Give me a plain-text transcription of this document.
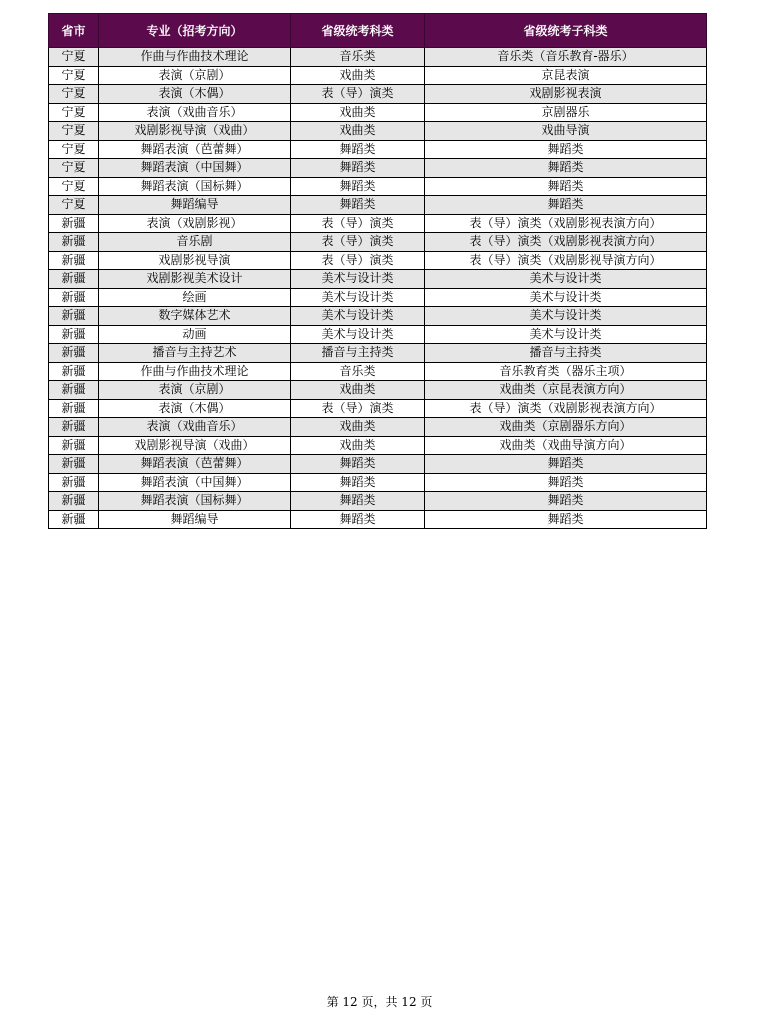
省市	专业（招考方向）	省级统考科类	省级统考子科类
宁夏	作曲与作曲技术理论	音乐类	音乐类（音乐教育-器乐）
宁夏	表演（京剧）	戏曲类	京昆表演
宁夏	表演（木偶）	表（导）演类	戏剧影视表演
宁夏	表演（戏曲音乐）	戏曲类	京剧器乐
宁夏	戏剧影视导演（戏曲）	戏曲类	戏曲导演
宁夏	舞蹈表演（芭蕾舞）	舞蹈类	舞蹈类
宁夏	舞蹈表演（中国舞）	舞蹈类	舞蹈类
宁夏	舞蹈表演（国标舞）	舞蹈类	舞蹈类
宁夏	舞蹈编导	舞蹈类	舞蹈类
新疆	表演（戏剧影视）	表（导）演类	表（导）演类（戏剧影视表演方向）
新疆	音乐剧	表（导）演类	表（导）演类（戏剧影视表演方向）
新疆	戏剧影视导演	表（导）演类	表（导）演类（戏剧影视导演方向）
新疆	戏剧影视美术设计	美术与设计类	美术与设计类
新疆	绘画	美术与设计类	美术与设计类
新疆	数字媒体艺术	美术与设计类	美术与设计类
新疆	动画	美术与设计类	美术与设计类
新疆	播音与主持艺术	播音与主持类	播音与主持类
新疆	作曲与作曲技术理论	音乐类	音乐教育类（器乐主项）
新疆	表演（京剧）	戏曲类	戏曲类（京昆表演方向）
新疆	表演（木偶）	表（导）演类	表（导）演类（戏剧影视表演方向）
新疆	表演（戏曲音乐）	戏曲类	戏曲类（京剧器乐方向）
新疆	戏剧影视导演（戏曲）	戏曲类	戏曲类（戏曲导演方向）
新疆	舞蹈表演（芭蕾舞）	舞蹈类	舞蹈类
新疆	舞蹈表演（中国舞）	舞蹈类	舞蹈类
新疆	舞蹈表演（国标舞）	舞蹈类	舞蹈类
新疆	舞蹈编导	舞蹈类	舞蹈类
第 12 页，共 12 页
